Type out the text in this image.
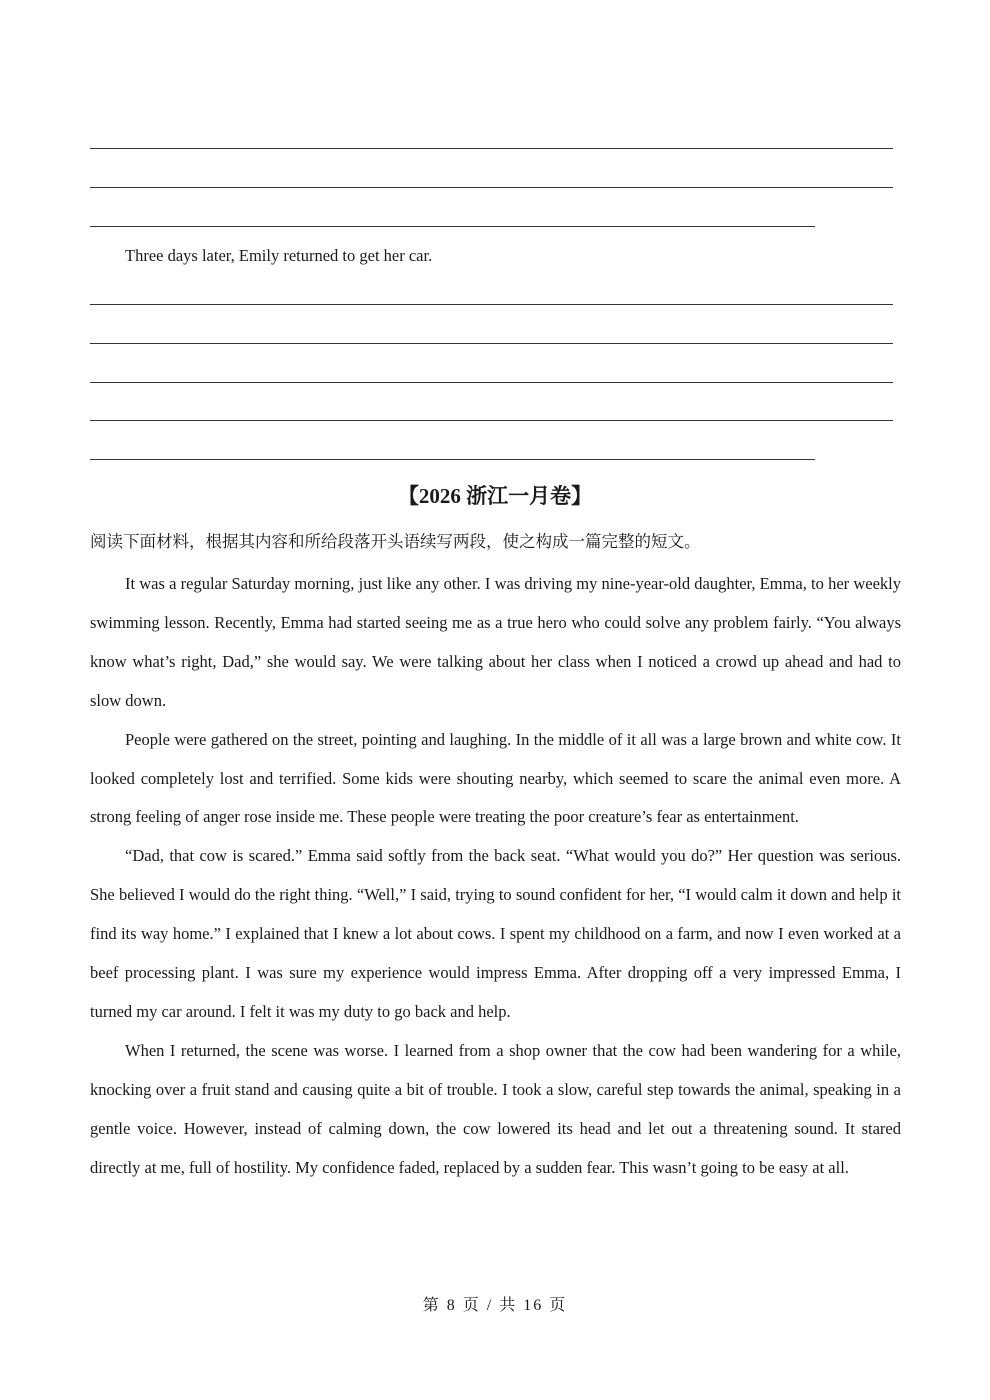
Three days later, Emily returned to get her car.
【2026 浙江一月卷】
阅读下面材料，根据其内容和所给段落开头语续写两段，使之构成一篇完整的短文。

It was a regular Saturday morning, just like any other. I was driving my nine-year-old daughter, Emma, to her weekly swimming lesson. Recently, Emma had started seeing me as a true hero who could solve any problem fairly. “You always know what’s right, Dad,” she would say. We were talking about her class when I noticed a crowd up ahead and had to slow down.

People were gathered on the street, pointing and laughing. In the middle of it all was a large brown and white cow. It looked completely lost and terrified. Some kids were shouting nearby, which seemed to scare the animal even more. A strong feeling of anger rose inside me. These people were treating the poor creature’s fear as entertainment.

“Dad, that cow is scared.” Emma said softly from the back seat. “What would you do?” Her question was serious. She believed I would do the right thing. “Well,” I said, trying to sound confident for her, “I would calm it down and help it find its way home.” I explained that I knew a lot about cows. I spent my childhood on a farm, and now I even worked at a beef processing plant. I was sure my experience would impress Emma. After dropping off a very impressed Emma, I turned my car around. I felt it was my duty to go back and help.

When I returned, the scene was worse. I learned from a shop owner that the cow had been wandering for a while, knocking over a fruit stand and causing quite a bit of trouble. I took a slow, careful step towards the animal, speaking in a gentle voice. However, instead of calming down, the cow lowered its head and let out a threatening sound. It stared directly at me, full of hostility. My confidence faded, replaced by a sudden fear. This wasn’t going to be easy at all.

第 8 页 / 共 16 页
